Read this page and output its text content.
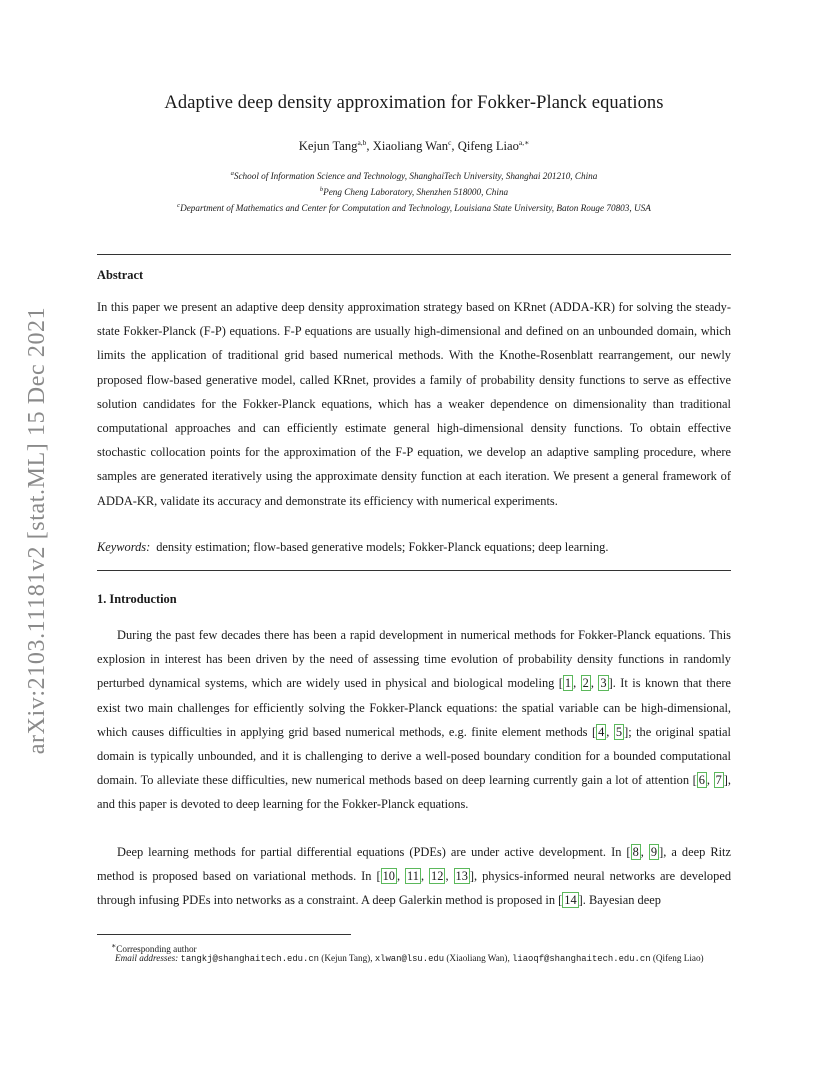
arXiv:2103.11181v2 [stat.ML] 15 Dec 2021
Adaptive deep density approximation for Fokker-Planck equations
Kejun Tang$^{a,b}$, Xiaoliang Wan$^c$, Qifeng Liao$^{a,∗}$
$^a$School of Information Science and Technology, ShanghaiTech University, Shanghai 201210, China
$^b$Peng Cheng Laboratory, Shenzhen 518000, China
$^c$Department of Mathematics and Center for Computation and Technology, Louisiana State University, Baton Rouge 70803, USA
Abstract
In this paper we present an adaptive deep density approximation strategy based on KRnet (ADDA-KR) for solving the steady-state Fokker-Planck (F-P) equations. F-P equations are usually high-dimensional and defined on an unbounded domain, which limits the application of traditional grid based numerical methods. With the Knothe-Rosenblatt rearrangement, our newly proposed flow-based generative model, called KRnet, provides a family of probability density functions to serve as effective solution candidates for the Fokker-Planck equations, which has a weaker dependence on dimensionality than traditional computational approaches and can efficiently estimate general high-dimensional density functions. To obtain effective stochastic collocation points for the approximation of the F-P equation, we develop an adaptive sampling procedure, where samples are generated iteratively using the approximate density function at each iteration. We present a general framework of ADDA-KR, validate its accuracy and demonstrate its efficiency with numerical experiments.
Keywords: density estimation; flow-based generative models; Fokker-Planck equations; deep learning.
1. Introduction
During the past few decades there has been a rapid development in numerical methods for Fokker-Planck equations. This explosion in interest has been driven by the need of assessing time evolution of probability density functions in randomly perturbed dynamical systems, which are widely used in physical and biological modeling [ 1 , 2 , 3 ]. It is known that there exist two main challenges for efficiently solving the Fokker-Planck equations: the spatial variable can be high-dimensional, which causes difficulties in applying grid based numerical methods, e.g. finite element methods [ 4 , 5 ]; the original spatial domain is typically unbounded, and it is challenging to derive a well-posed boundary condition for a bounded computational domain. To alleviate these difficulties, new numerical methods based on deep learning currently gain a lot of attention [ 6 , 7 ], and this paper is devoted to deep learning for the Fokker-Planck equations.
Deep learning methods for partial differential equations (PDEs) are under active development. In [ 8 , 9 ], a deep Ritz method is proposed based on variational methods. In [ 10 , 11 , 12 , 13 ], physics-informed neural networks are developed through infusing PDEs into networks as a constraint. A deep Galerkin method is proposed in [ 14 ]. Bayesian deep
∗Corresponding author
Email addresses: tangkj@shanghaitech.edu.cn (Kejun Tang), xlwan@lsu.edu (Xiaoliang Wan), liaoqf@shanghaitech.edu.cn (Qifeng Liao)
